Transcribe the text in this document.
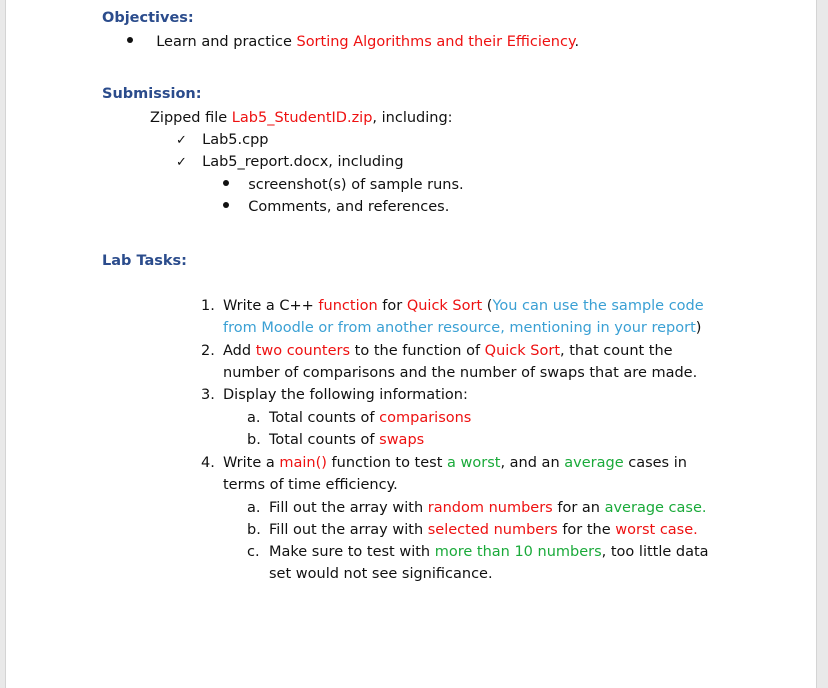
Objectives:
Learn and practice Sorting Algorithms and their Efficiency.
Submission:
Zipped file Lab5_StudentID.zip, including:
✓ Lab5.cpp
✓ Lab5_report.docx, including
screenshot(s) of sample runs.
Comments, and references.
Lab Tasks:
1. Write a C++ function for Quick Sort (You can use the sample code
from Moodle or from another resource, mentioning in your report)
2. Add two counters to the function of Quick Sort, that count the
number of comparisons and the number of swaps that are made.
3. Display the following information:
a. Total counts of comparisons
b. Total counts of swaps
4. Write a main() function to test a worst, and an average cases in
terms of time efficiency.
a. Fill out the array with random numbers for an average case.
b. Fill out the array with selected numbers for the worst case.
c. Make sure to test with more than 10 numbers, too little data
set would not see significance.
